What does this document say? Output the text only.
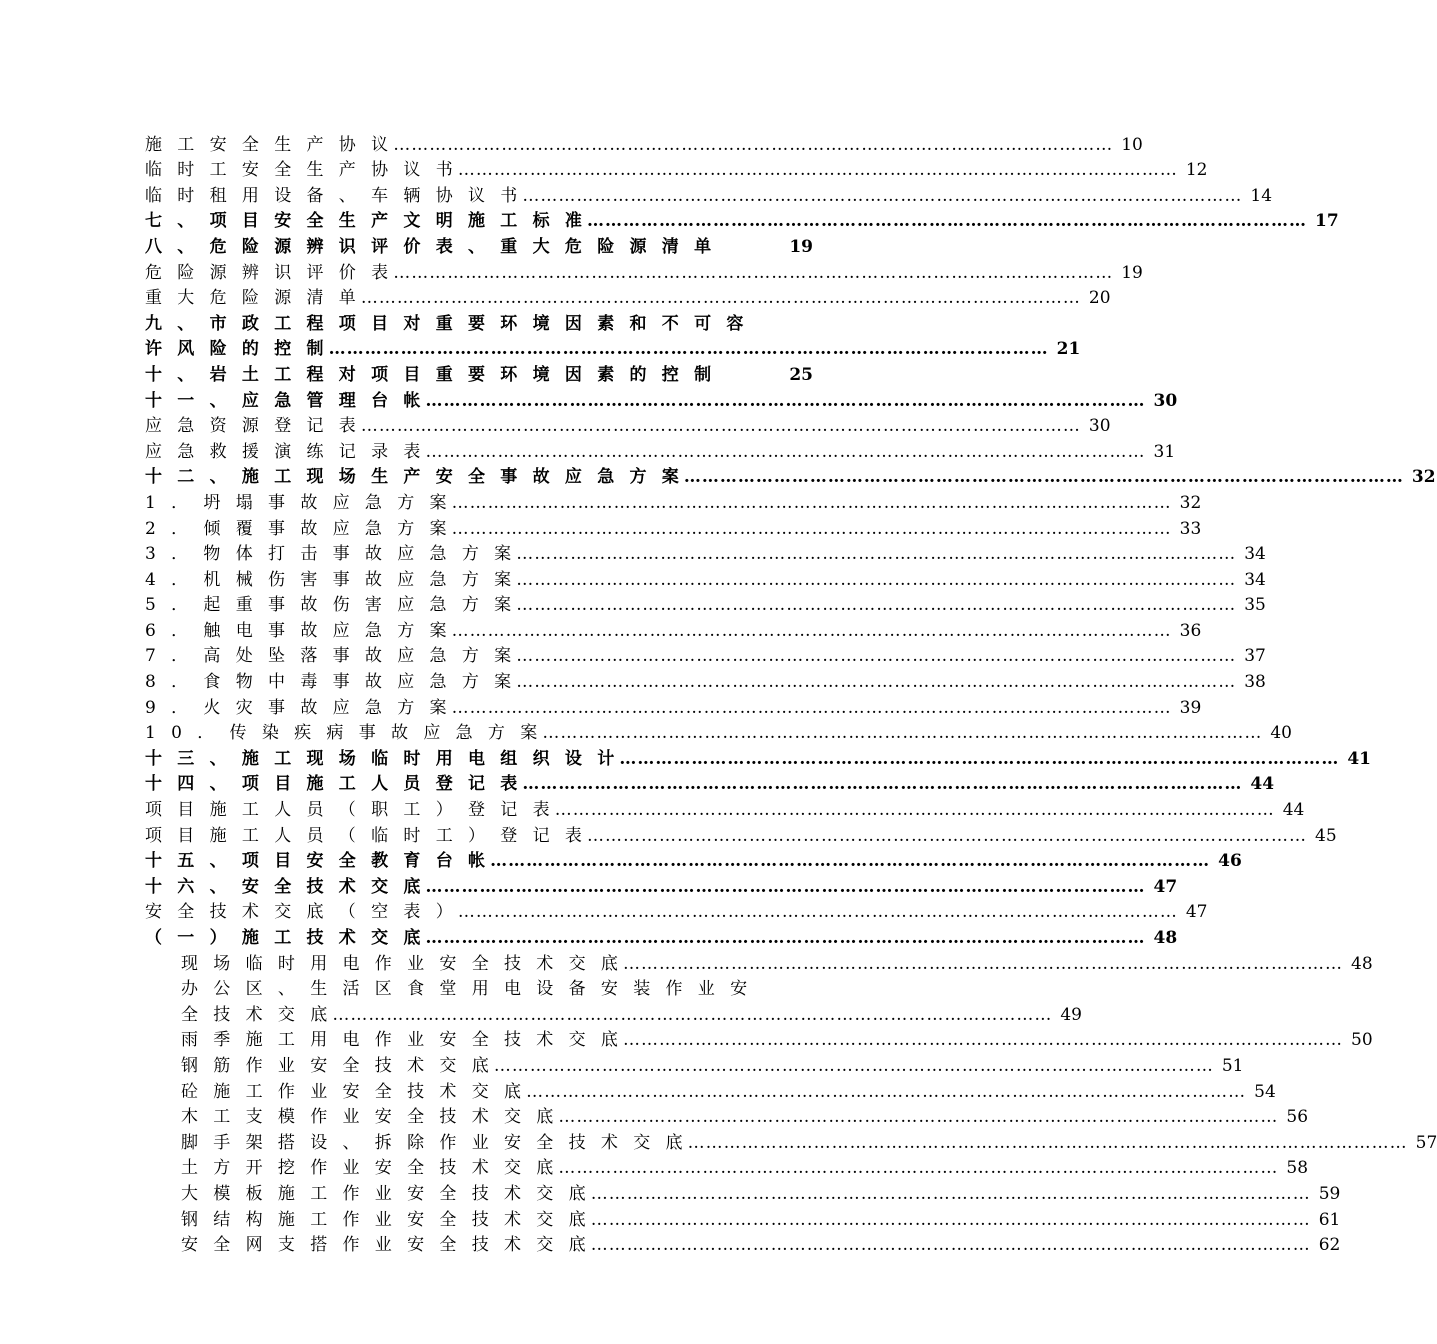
施工安全生产协议
………………………………………………………………………………………………………… 10
临时工安全生产协议书
………………………………………………………………………………………………………… 12
临时租用设备、车辆协议书
………………………………………………………………………………………………………… 14
七、项目安全生产文明施工标准
………………………………………………………………………………………………………… 17
八、危险源辨识评价表、重大危险源清单	19
危险源辨识评价表
………………………………………………………………………………………………………… 19
重大危险源清单
………………………………………………………………………………………………………… 20
九、市政工程项目对重要环境因素和不可容
许风险的控制
………………………………………………………………………………………………………… 21
十、岩土工程对项目重要环境因素的控制	25
十一、应急管理台帐
………………………………………………………………………………………………………… 30
应急资源登记表
………………………………………………………………………………………………………… 30
应急救援演练记录表
………………………………………………………………………………………………………… 31
十二、施工现场生产安全事故应急方案
………………………………………………………………………………………………………… 32
1．坍塌事故应急方案
………………………………………………………………………………………………………… 32
2．倾覆事故应急方案
………………………………………………………………………………………………………… 33
3．物体打击事故应急方案
………………………………………………………………………………………………………… 34
4．机械伤害事故应急方案
………………………………………………………………………………………………………… 34
5．起重事故伤害应急方案
………………………………………………………………………………………………………… 35
6．触电事故应急方案
………………………………………………………………………………………………………… 36
7．高处坠落事故应急方案
………………………………………………………………………………………………………… 37
8．食物中毒事故应急方案
………………………………………………………………………………………………………… 38
9．火灾事故应急方案
………………………………………………………………………………………………………… 39
10．传染疾病事故应急方案
………………………………………………………………………………………………………… 40
十三、施工现场临时用电组织设计
………………………………………………………………………………………………………… 41
十四、项目施工人员登记表
………………………………………………………………………………………………………… 44
项目施工人员（职工）登记表
………………………………………………………………………………………………………… 44
项目施工人员（临时工）登记表
………………………………………………………………………………………………………… 45
十五、项目安全教育台帐
………………………………………………………………………………………………………… 46
十六、安全技术交底
………………………………………………………………………………………………………… 47
安全技术交底（空表）
………………………………………………………………………………………………………… 47
（一）施工技术交底
………………………………………………………………………………………………………… 48
现场临时用电作业安全技术交底
………………………………………………………………………………………………………… 48
办公区、生活区食堂用电设备安装作业安
全技术交底
………………………………………………………………………………………………………… 49
雨季施工用电作业安全技术交底
………………………………………………………………………………………………………… 50
钢筋作业安全技术交底
………………………………………………………………………………………………………… 51
砼施工作业安全技术交底
………………………………………………………………………………………………………… 54
木工支模作业安全技术交底
………………………………………………………………………………………………………… 56
脚手架搭设、拆除作业安全技术交底
………………………………………………………………………………………………………… 57
土方开挖作业安全技术交底
………………………………………………………………………………………………………… 58
大模板施工作业安全技术交底
………………………………………………………………………………………………………… 59
钢结构施工作业安全技术交底
………………………………………………………………………………………………………… 61
安全网支搭作业安全技术交底
………………………………………………………………………………………………………… 62
